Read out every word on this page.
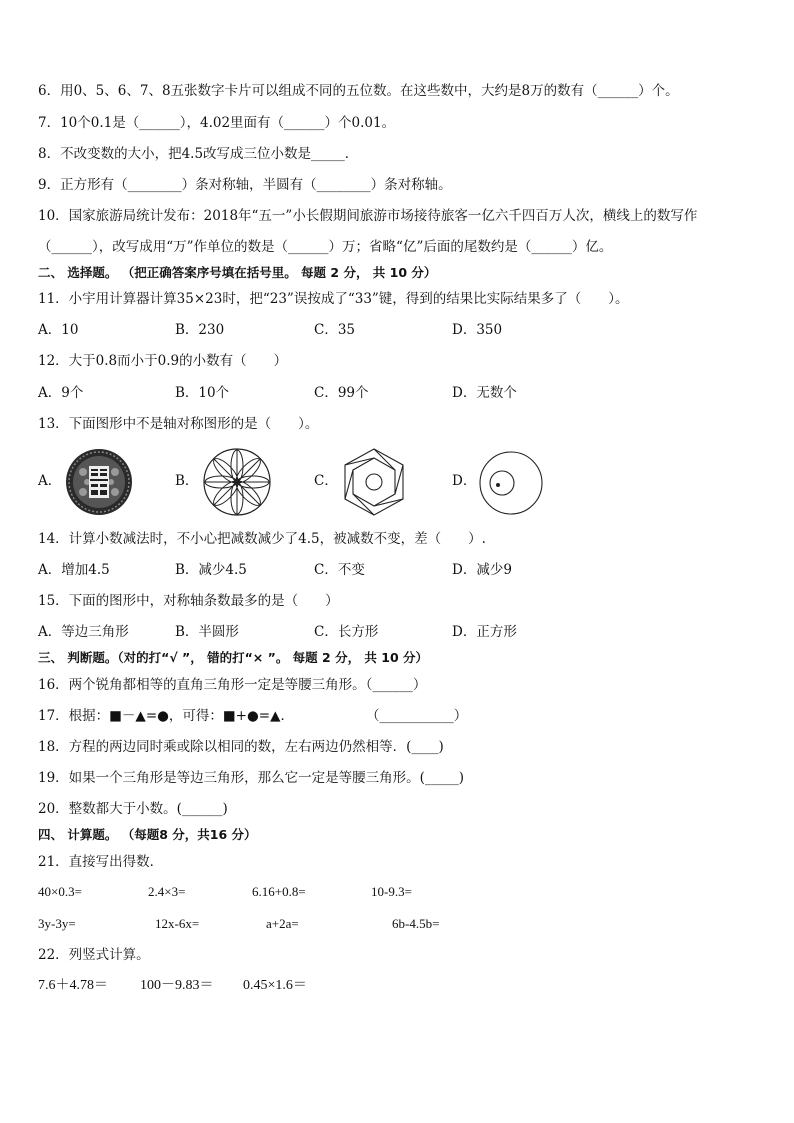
6．用0、5、6、7、8五张数字卡片可以组成不同的五位数。在这些数中，大约是8万的数有（______）个。
7．10个0.1是（______），4.02里面有（______）个0.01。
8．不改变数的大小，把4.5改写成三位小数是_____．
9．正方形有（________）条对称轴，半圆有（________）条对称轴。
10．国家旅游局统计发布：2018年“五一”小长假期间旅游市场接待旅客一亿六千四百万人次，横线上的数写作
（______），改写成用“万”作单位的数是（______）万；省略“亿”后面的尾数约是（______）亿。
二、 选择题。 （把正确答案序号填在括号里。 每题 2 分， 共 10 分）
11．小宇用计算器计算35×23时，把“23”误按成了“33”键，得到的结果比实际结果多了（　　）。
A．10	B．230	C．35	D．350
12．大于0.8而小于0.9的小数有（　　）
A．9个	B．10个	C．99个	D．无数个
13．下面图形中不是轴对称图形的是（　　）。
A．	B．	C．	D．
14．计算小数减法时，不小心把减数减少了4.5，被减数不变，差（　　）.
A．增加4.5	B．减少4.5	C．不变	D．减少9
15．下面的图形中，对称轴条数最多的是（　　）
A．等边三角形	B．半圆形	C．长方形	D．正方形
三、 判断题。（对的打“√ ”， 错的打“× ”。 每题 2 分， 共 10 分）
16．两个锐角都相等的直角三角形一定是等腰三角形。（______）
17．根据：■－▲=●，可得：■+●=▲．	（___________）
18．方程的两边同时乘或除以相同的数，左右两边仍然相等．(____)
19．如果一个三角形是等边三角形，那么它一定是等腰三角形。(_____)
20．整数都大于小数。(______)
四、 计算题。 （每题8 分，共16 分）
21．直接写出得数．
40×0.3=	2.4×3=	6.16+0.8=	10-9.3=
3y-3y=	12x-6x=	a+2a=	6b-4.5b=
22．列竖式计算。
7.6＋4.78＝ 100－9.83＝ 0.45×1.6＝
